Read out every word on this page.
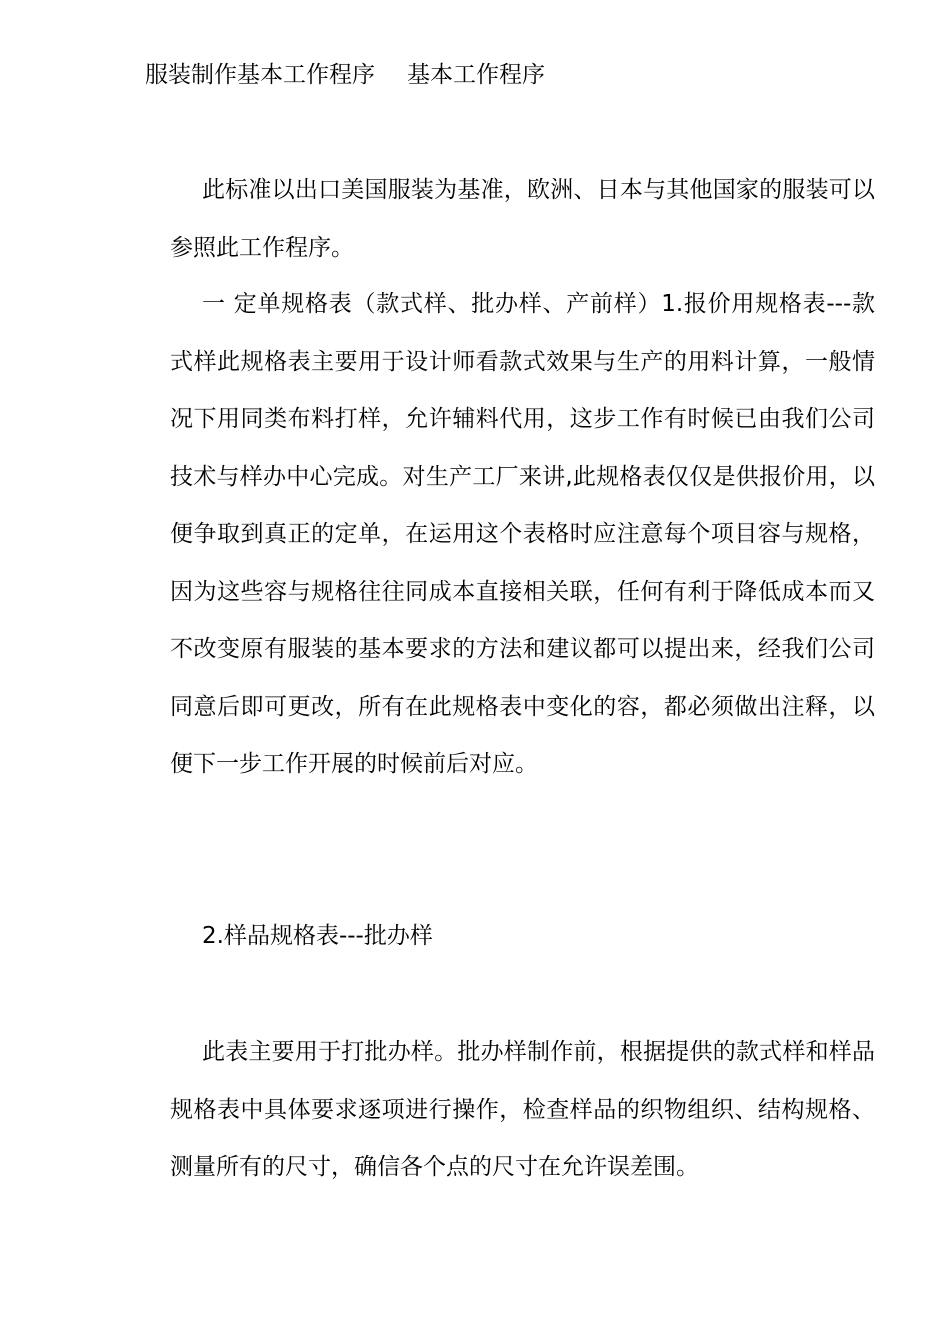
服装制作基本工作程序 基本工作程序

此标准以出口美国服装为基准，欧洲、日本与其他国家的服装可以参照此工作程序。

一 定单规格表（款式样、批办样、产前样）1.报价用规格表---款式样此规格表主要用于设计师看款式效果与生产的用料计算，一般情况下用同类布料打样，允许辅料代用，这步工作有时候已由我们公司技术与样办中心完成。对生产工厂来讲,此规格表仅仅是供报价用，以便争取到真正的定单，在运用这个表格时应注意每个项目容与规格，因为这些容与规格往往同成本直接相关联，任何有利于降低成本而又不改变原有服装的基本要求的方法和建议都可以提出来，经我们公司同意后即可更改，所有在此规格表中变化的容，都必须做出注释，以便下一步工作开展的时候前后对应。

2.样品规格表---批办样

此表主要用于打批办样。批办样制作前，根据提供的款式样和样品规格表中具体要求逐项进行操作，检查样品的织物组织、结构规格、测量所有的尺寸，确信各个点的尺寸在允许误差围。
